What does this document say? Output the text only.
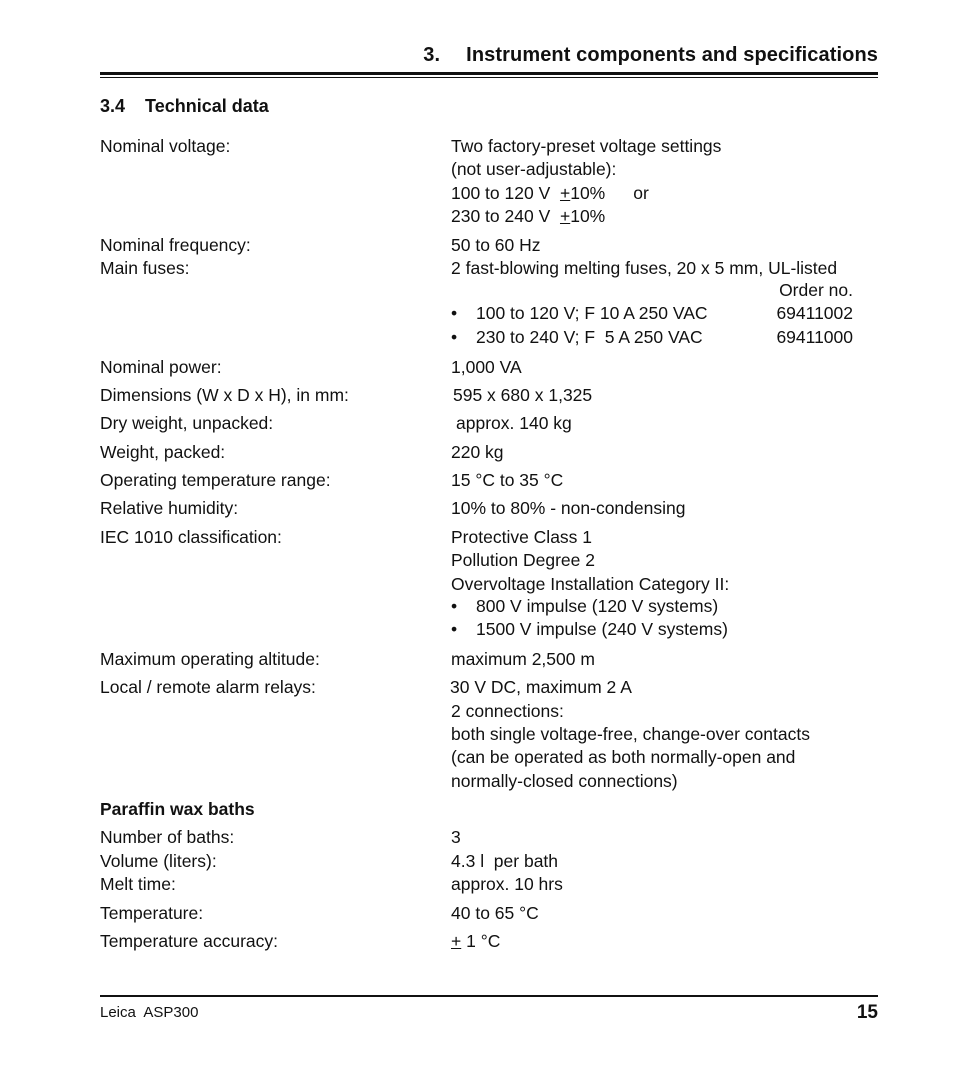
3. Instrument components and specifications
3.4 Technical data
Nominal voltage:	Two factory-preset voltage settings
(not user-adjustable):
100 to 120 V +10% or
230 to 240 V +10%
Nominal frequency:	50 to 60 Hz
Main fuses:	2 fast-blowing melting fuses, 20 x 5 mm, UL-listed
Order no.
• 100 to 120 V; F 10 A 250 VAC	69411002
• 230 to 240 V; F  5 A 250 VAC	69411000
Nominal power:	1,000 VA
Dimensions (W x D x H), in mm:	595 x 680 x 1,325
Dry weight, unpacked:	approx. 140 kg
Weight, packed:	220 kg
Operating temperature range:	15 °C to 35 °C
Relative humidity:	10% to 80% - non-condensing
IEC 1010 classification:	Protective Class 1
Pollution Degree 2
Overvoltage Installation Category II:
• 800 V impulse (120 V systems)
• 1500 V impulse (240 V systems)
Maximum operating altitude:	maximum 2,500 m
Local / remote alarm relays:	30 V DC, maximum 2 A
2 connections:
both single voltage-free, change-over contacts
(can be operated as both normally-open and
normally-closed connections)
Paraffin wax baths
Number of baths:	3
Volume (liters):	4.3 l  per bath
Melt time:	approx. 10 hrs
Temperature:	40 to 65 °C
Temperature accuracy:	+ 1 °C
Leica  ASP300	15
